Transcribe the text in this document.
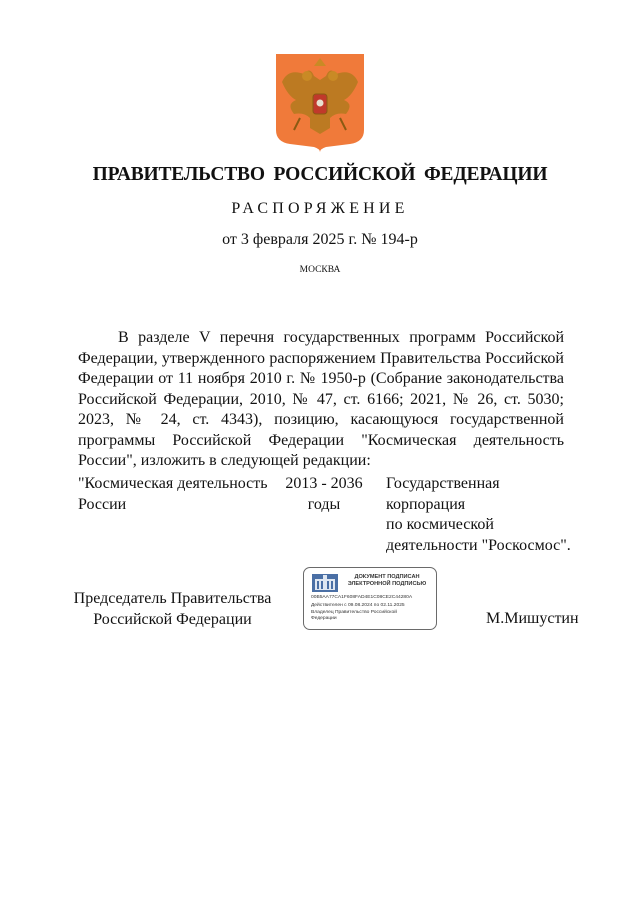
ПРАВИТЕЛЬСТВО РОССИЙСКОЙ ФЕДЕРАЦИИ
РАСПОРЯЖЕНИЕ
от 3 февраля 2025 г. № 194-р
МОСКВА

В разделе V перечня государственных программ Российской Федерации, утвержденного распоряжением Правительства Российской Федерации от 11 ноября 2010 г. № 1950-р (Собрание законодательства Российской Федерации, 2010, № 47, ст. 6166; 2021, № 26, ст. 5030; 2023, № 24, ст. 4343), позицию, касающуюся государственной программы Российской Федерации "Космическая деятельность России", изложить в следующей редакции:

"Космическая деятельность России
2013 - 2036
годы
Государственная
корпорация
по космической
деятельности "Роскосмос".
Председатель Правительства
Российской Федерации
ДОКУМЕНТ ПОДПИСАН
ЭЛЕКТРОННОЙ ПОДПИСЬЮ
00B5AA77CA1F608FAD4E1C08CE2C44280A
Действителен с 09.08.2024 по 02.11.2025
Владелец Правительство Российской Федерации	М.Мишустин
